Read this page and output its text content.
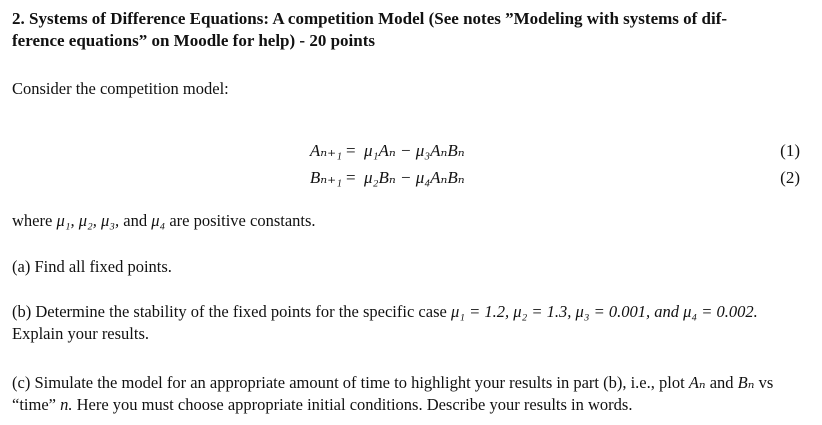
2. Systems of Difference Equations: A competition Model (See notes ”Modeling with systems of dif-
ference equations” on Moodle for help) - 20 points

Consider the competition model:

Aₙ₊₁ = μ₁Aₙ − μ₃AₙBₙ	(1)
Bₙ₊₁ = μ₂Bₙ − μ₄AₙBₙ	(2)

where μ₁, μ₂, μ₃, and μ₄ are positive constants.

(a) Find all fixed points.

(b) Determine the stability of the fixed points for the specific case μ₁ = 1.2, μ₂ = 1.3, μ₃ = 0.001, and μ₄ = 0.002. Explain your results.

(c) Simulate the model for an appropriate amount of time to highlight your results in part (b), i.e., plot Aₙ and Bₙ vs “time” n. Here you must choose appropriate initial conditions. Describe your results in words.
